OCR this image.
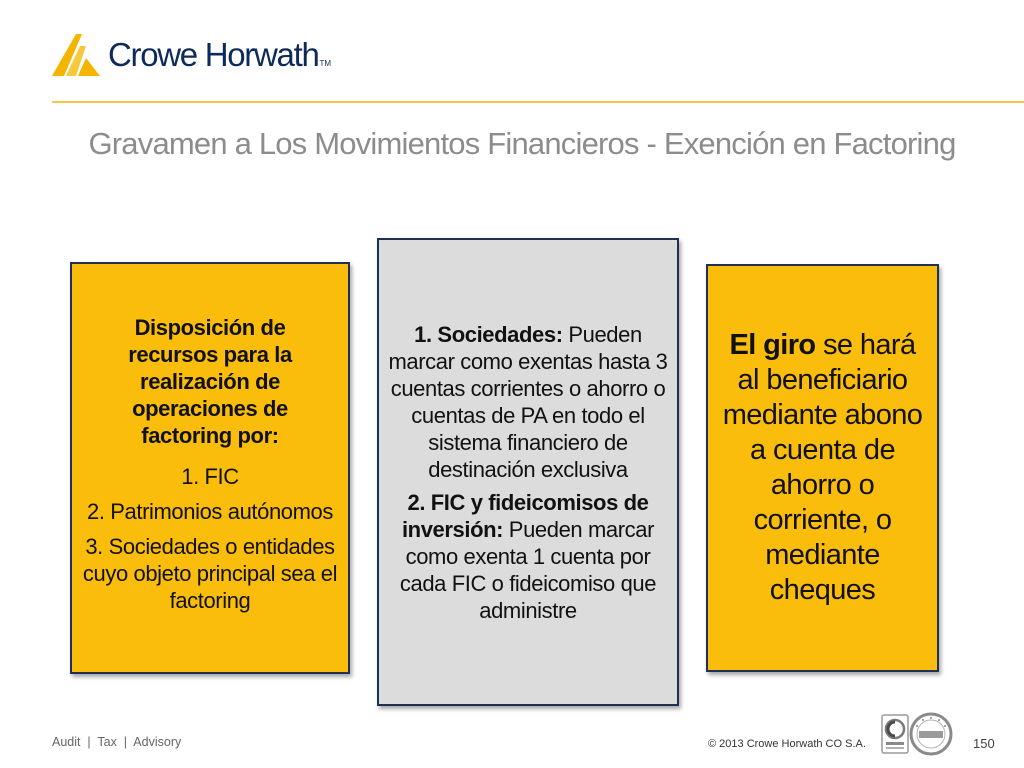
Crowe HorwathTM
Gravamen a Los Movimientos Financieros - Exención en Factoring

Disposición de recursos para la realización de operaciones de factoring por:

1. FIC

2. Patrimonios autónomos

3. Sociedades o entidades cuyo objeto principal sea el factoring

1. Sociedades: Pueden marcar como exentas hasta 3 cuentas corrientes o ahorro o cuentas de PA en todo el sistema financiero de destinación exclusiva

2. FIC y fideicomisos de inversión: Pueden marcar como exenta 1 cuenta por cada FIC o fideicomiso que administre

El giro se hará al beneficiario mediante abono a cuenta de ahorro o corriente, o mediante cheques

Audit  |  Tax  |  Advisory	© 2013 Crowe Horwath CO S.A.	150
